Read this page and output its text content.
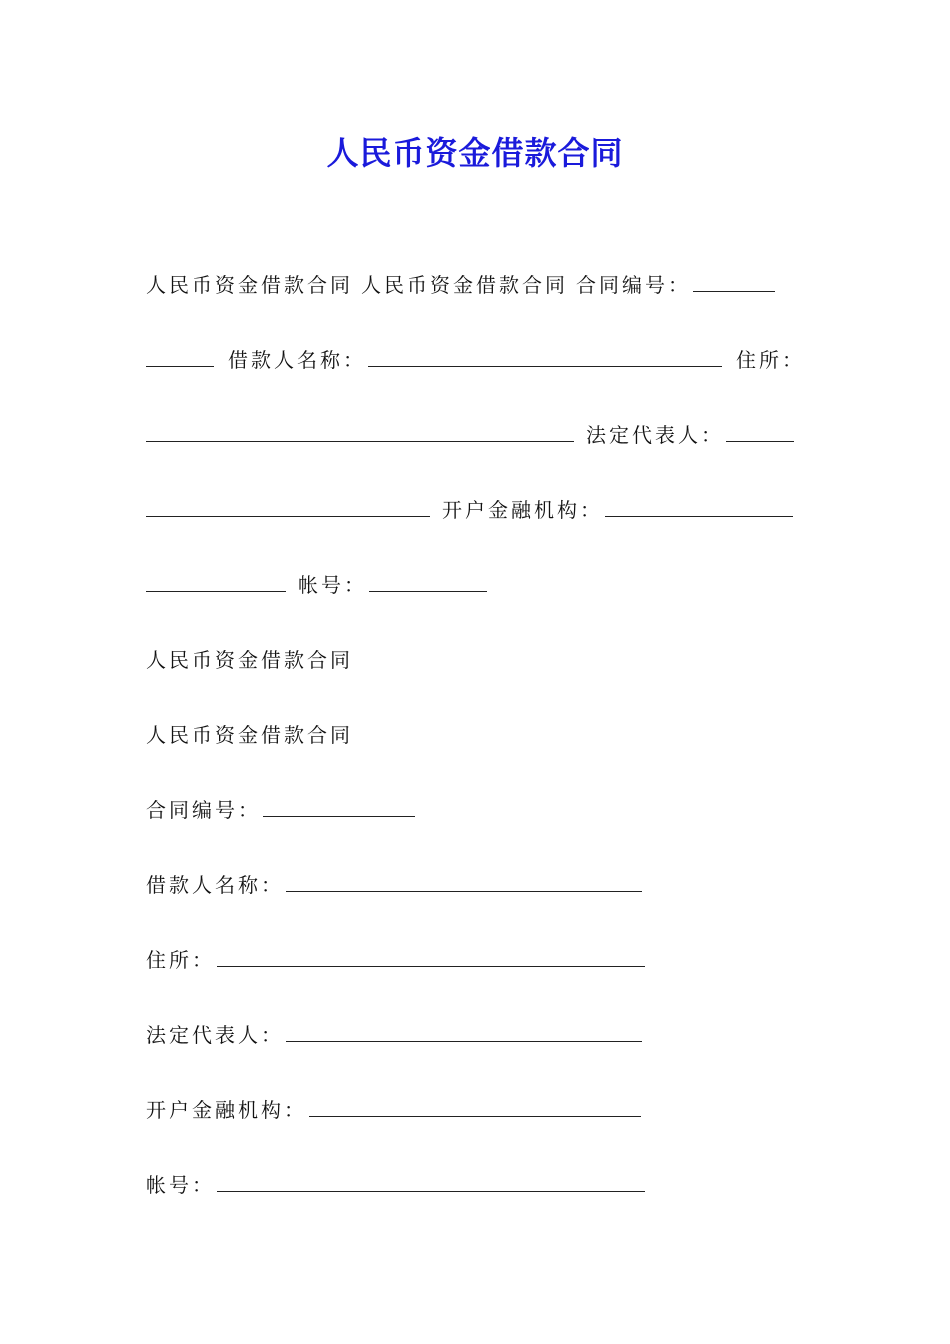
人民币资金借款合同
人民币资金借款合同 人民币资金借款合同 合同编号：
借款人名称：	住所：
法定代表人：
开户金融机构：
帐号：
人民币资金借款合同
人民币资金借款合同
合同编号：
借款人名称：
住所：
法定代表人：
开户金融机构：
帐号：
